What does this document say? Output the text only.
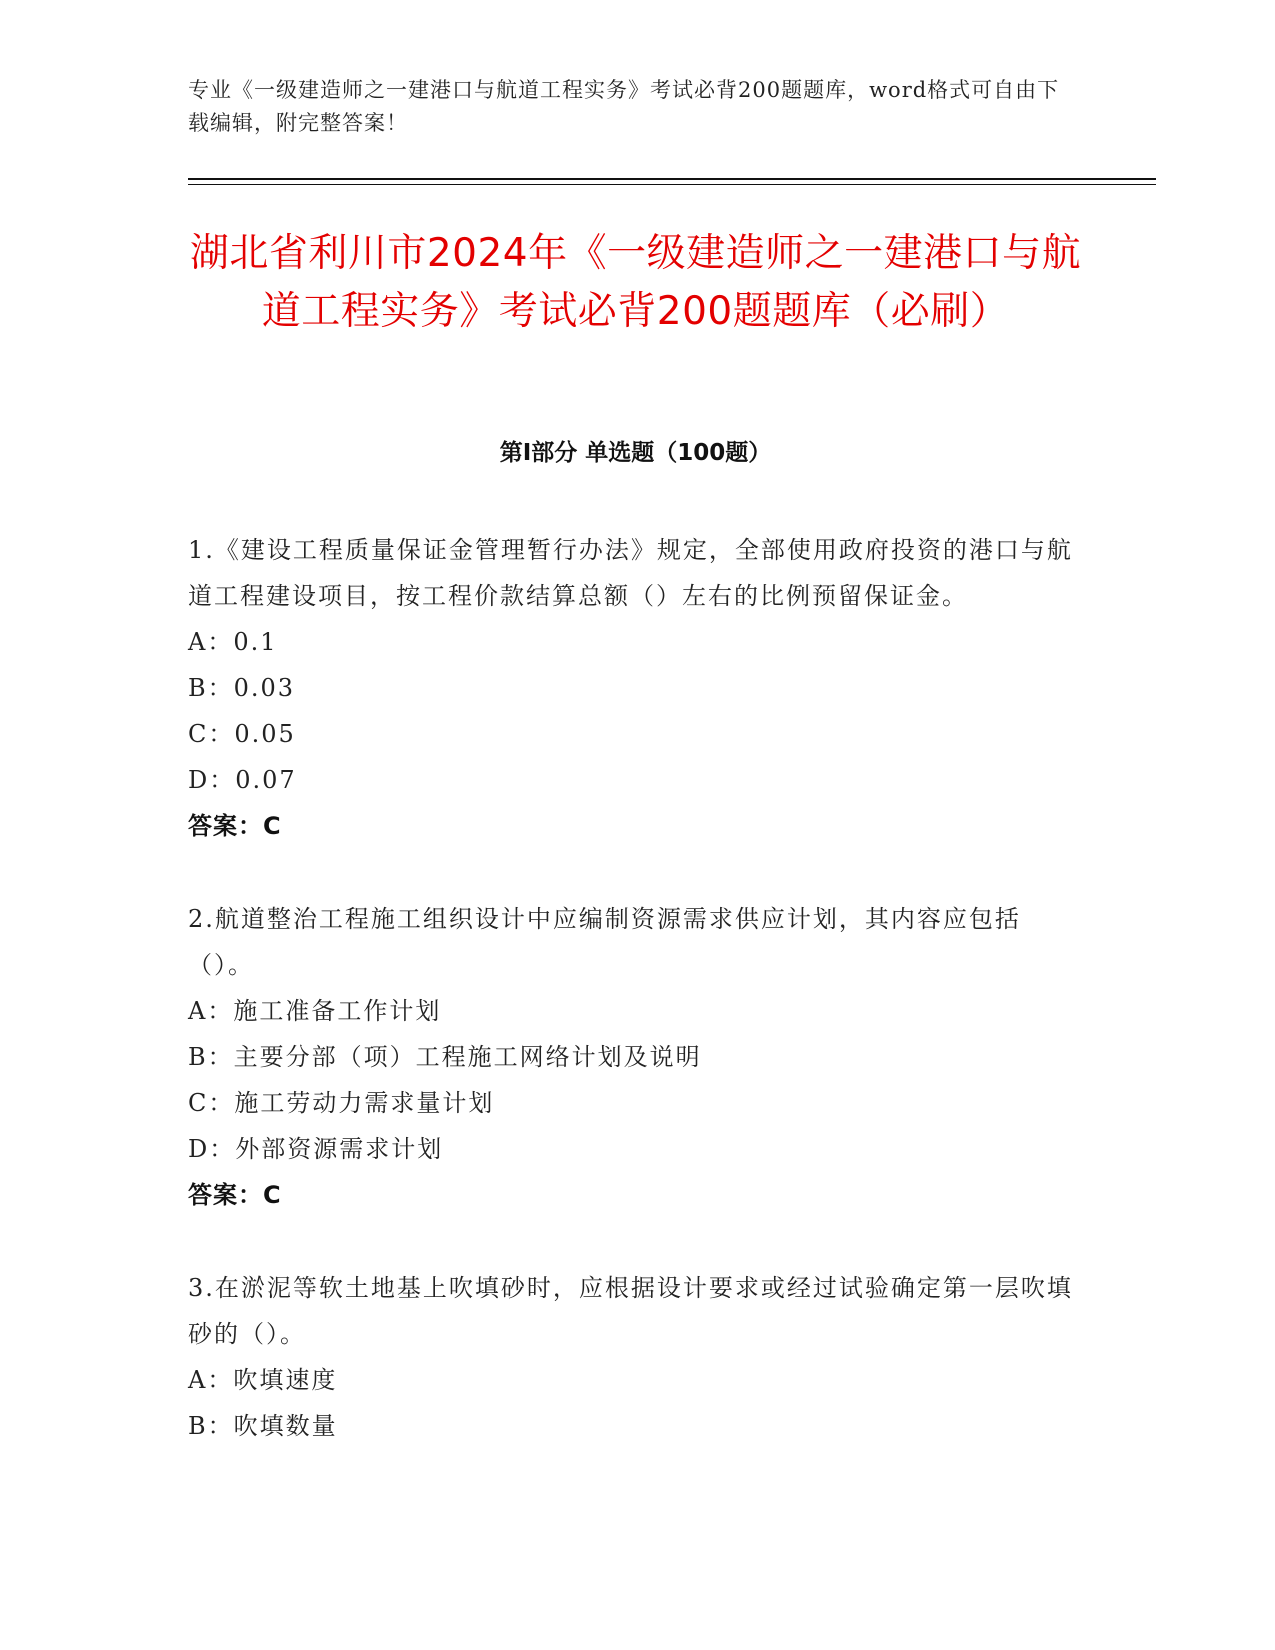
专业《一级建造师之一建港口与航道工程实务》考试必背200题题库，word格式可自由下载编辑，附完整答案！
湖北省利川市2024年《一级建造师之一建港口与航道工程实务》考试必背200题题库（必刷）
第I部分 单选题（100题）

1.《建设工程质量保证金管理暂行办法》规定，全部使用政府投资的港口与航道工程建设项目，按工程价款结算总额（）左右的比例预留保证金。

A：0.1

B：0.03

C：0.05

D：0.07

答案：C

2.航道整治工程施工组织设计中应编制资源需求供应计划，其内容应包括（）。

A：施工准备工作计划

B：主要分部（项）工程施工网络计划及说明

C：施工劳动力需求量计划

D：外部资源需求计划

答案：C

3.在淤泥等软土地基上吹填砂时，应根据设计要求或经过试验确定第一层吹填砂的（）。

A：吹填速度

B：吹填数量
